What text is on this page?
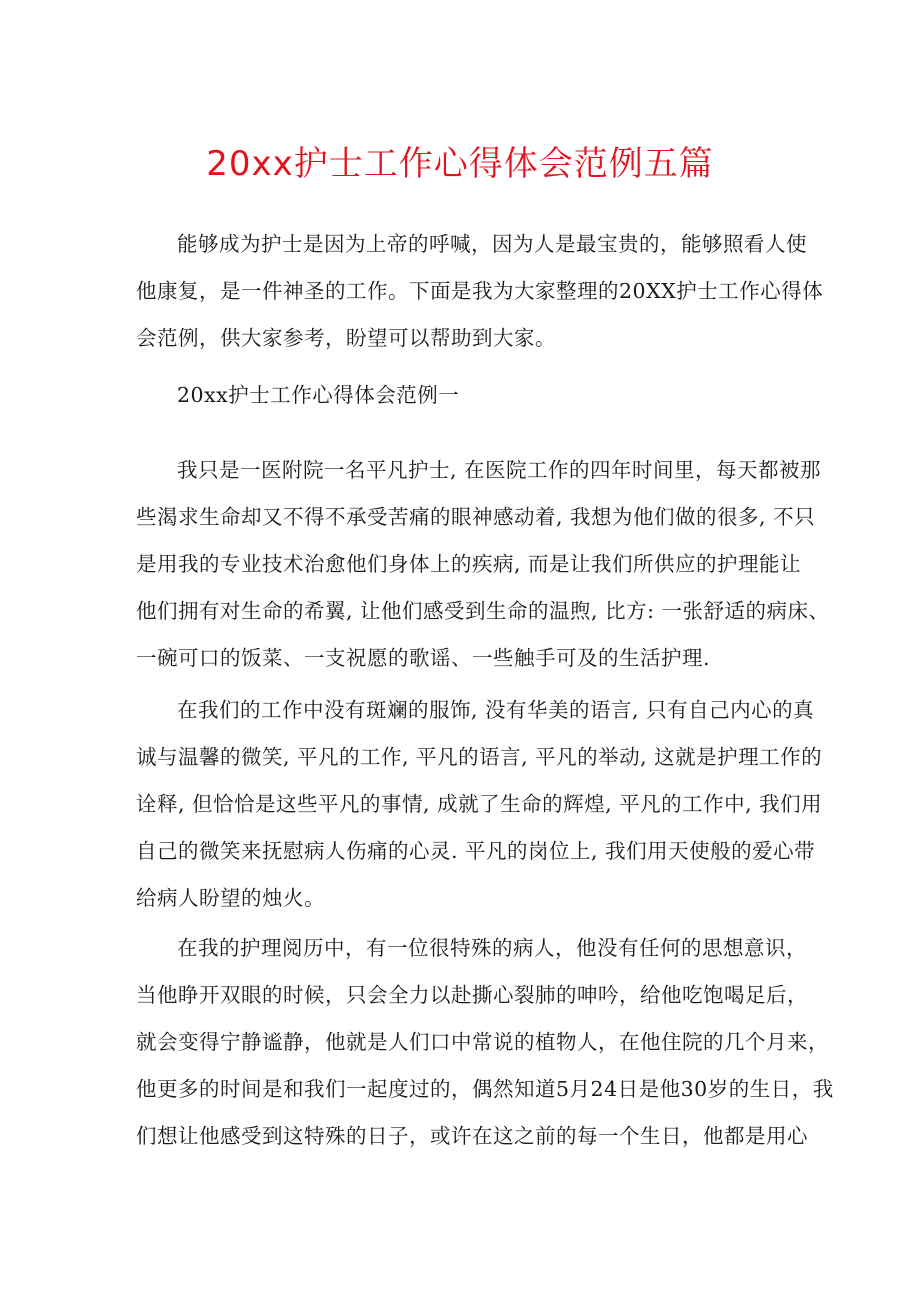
20xx护士工作心得体会范例五篇
能够成为护士是因为上帝的呼喊，因为人是最宝贵的，能够照看人使
他康复，是一件神圣的工作。下面是我为大家整理的20XX护士工作心得体
会范例，供大家参考，盼望可以帮助到大家。

20xx护士工作心得体会范例一

我只是一医附院一名平凡护士, 在医院工作的四年时间里，每天都被那
些渴求生命却又不得不承受苦痛的眼神感动着, 我想为他们做的很多, 不只
是用我的专业技术治愈他们身体上的疾病, 而是让我们所供应的护理能让
他们拥有对生命的希翼, 让他们感受到生命的温煦, 比方: 一张舒适的病床、
一碗可口的饭菜、一支祝愿的歌谣、一些触手可及的生活护理.
在我们的工作中没有斑斓的服饰, 没有华美的语言, 只有自己内心的真
诚与温馨的微笑, 平凡的工作, 平凡的语言, 平凡的举动, 这就是护理工作的
诠释, 但恰恰是这些平凡的事情, 成就了生命的辉煌, 平凡的工作中, 我们用
自己的微笑来抚慰病人伤痛的心灵. 平凡的岗位上, 我们用天使般的爱心带
给病人盼望的烛火。
在我的护理阅历中，有一位很特殊的病人，他没有任何的思想意识，
当他睁开双眼的时候，只会全力以赴撕心裂肺的呻吟，给他吃饱喝足后，
就会变得宁静谧静，他就是人们口中常说的植物人，在他住院的几个月来，
他更多的时间是和我们一起度过的，偶然知道5月24日是他30岁的生日，我
们想让他感受到这特殊的日子，或许在这之前的每一个生日，他都是用心
